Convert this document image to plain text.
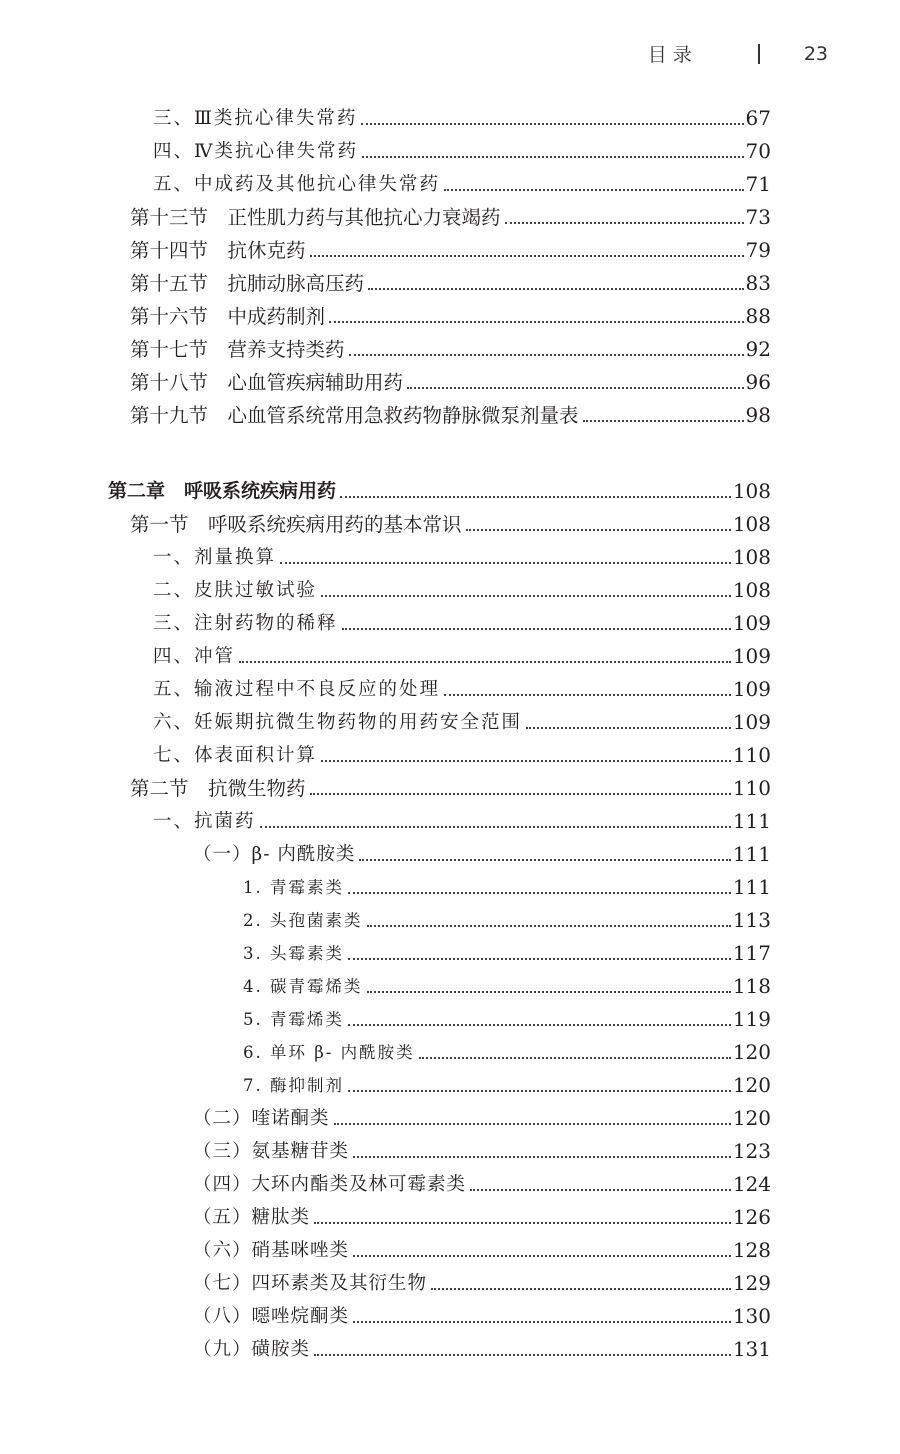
目 录	23
三、Ⅲ类抗心律失常药	67
四、Ⅳ类抗心律失常药	70
五、中成药及其他抗心律失常药	71
第十三节　正性肌力药与其他抗心力衰竭药	73
第十四节　抗休克药	79
第十五节　抗肺动脉高压药	83
第十六节　中成药制剂	88
第十七节　营养支持类药	92
第十八节　心血管疾病辅助用药	96
第十九节　心血管系统常用急救药物静脉微泵剂量表	98
第二章　呼吸系统疾病用药	108
第一节　呼吸系统疾病用药的基本常识	108
一、剂量换算	108
二、皮肤过敏试验	108
三、注射药物的稀释	109
四、冲管	109
五、输液过程中不良反应的处理	109
六、妊娠期抗微生物药物的用药安全范围	109
七、体表面积计算	110
第二节　抗微生物药	110
一、抗菌药	111
（一）β- 内酰胺类	111
1. 青霉素类	111
2. 头孢菌素类	113
3. 头霉素类	117
4. 碳青霉烯类	118
5. 青霉烯类	119
6. 单环 β- 内酰胺类	120
7. 酶抑制剂	120
（二）喹诺酮类	120
（三）氨基糖苷类	123
（四）大环内酯类及林可霉素类	124
（五）糖肽类	126
（六）硝基咪唑类	128
（七）四环素类及其衍生物	129
（八）噁唑烷酮类	130
（九）磺胺类	131
